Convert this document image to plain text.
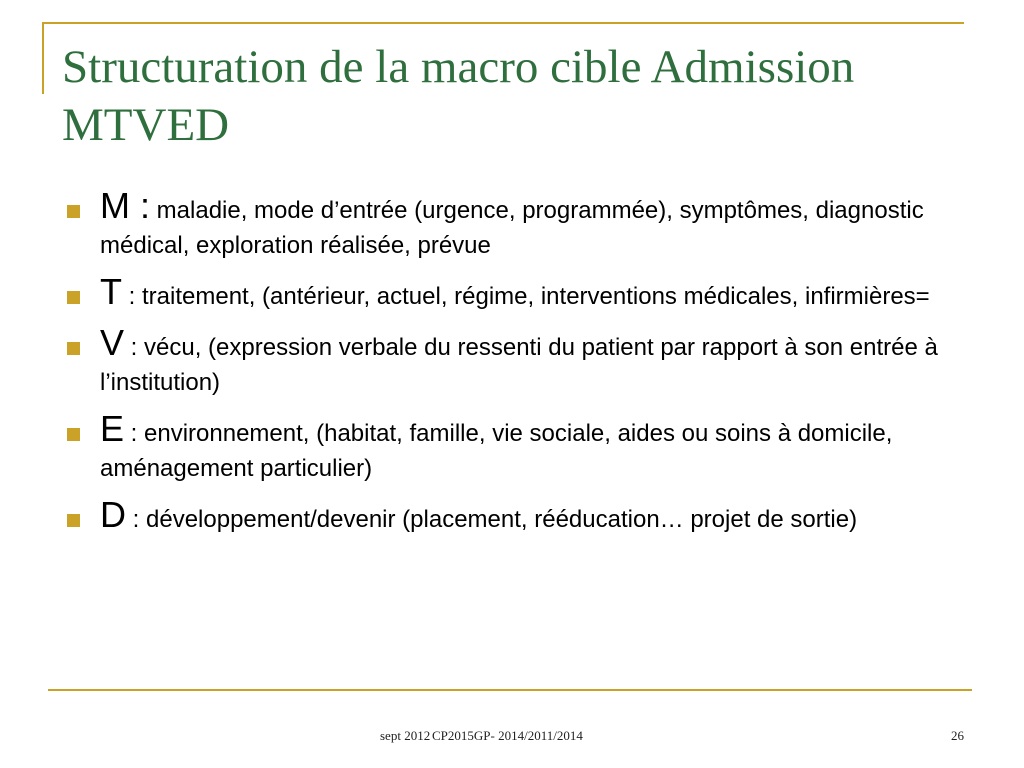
Structuration de la macro cible Admission MTVED
M : maladie, mode d’entrée (urgence, programmée), symptômes, diagnostic médical, exploration réalisée, prévue
T : traitement, (antérieur, actuel, régime, interventions médicales, infirmières=
V : vécu, (expression verbale du ressenti du patient par rapport à son entrée à l’institution)
E : environnement, (habitat, famille, vie sociale, aides ou soins à domicile, aménagement particulier)
D : développement/devenir (placement, rééducation… projet de sortie)
sept 2012 CP2015GP- 2014/2011/2014	26
